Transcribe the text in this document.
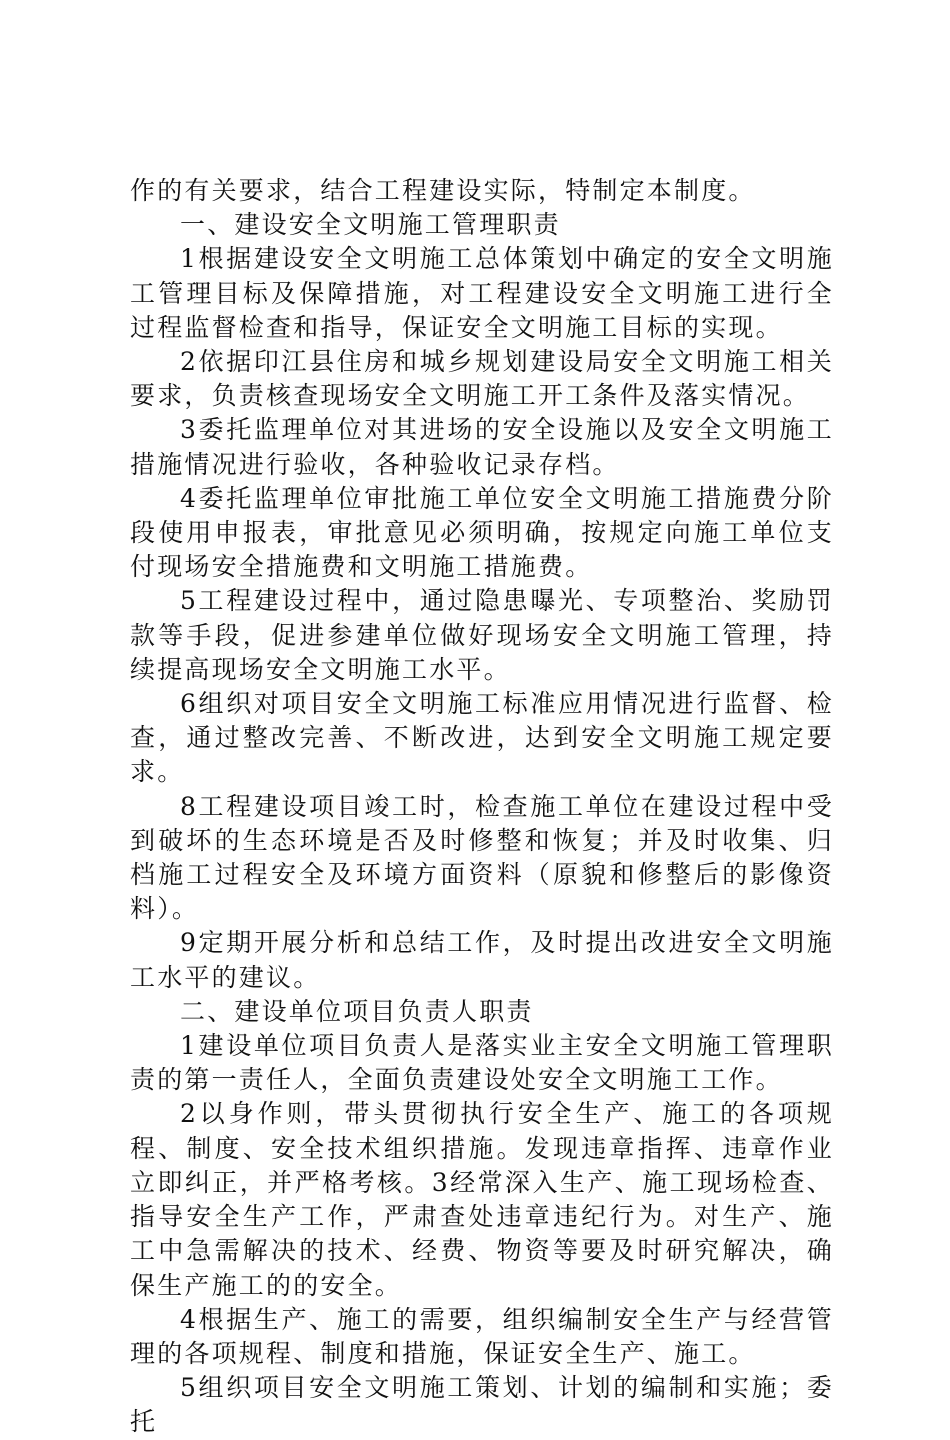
作的有关要求，结合工程建设实际，特制定本制度。

一、建设安全文明施工管理职责

1根据建设安全文明施工总体策划中确定的安全文明施工管理目标及保障措施，对工程建设安全文明施工进行全过程监督检查和指导，保证安全文明施工目标的实现。

2依据印江县住房和城乡规划建设局安全文明施工相关要求，负责核查现场安全文明施工开工条件及落实情况。

3委托监理单位对其进场的安全设施以及安全文明施工措施情况进行验收，各种验收记录存档。

4委托监理单位审批施工单位安全文明施工措施费分阶段使用申报表，审批意见必须明确，按规定向施工单位支付现场安全措施费和文明施工措施费。

5工程建设过程中，通过隐患曝光、专项整治、奖励罚款等手段，促进参建单位做好现场安全文明施工管理，持续提高现场安全文明施工水平。

6组织对项目安全文明施工标准应用情况进行监督、检查，通过整改完善、不断改进，达到安全文明施工规定要求。

8工程建设项目竣工时，检查施工单位在建设过程中受到破坏的生态环境是否及时修整和恢复；并及时收集、归档施工过程安全及环境方面资料（原貌和修整后的影像资料）。

9定期开展分析和总结工作，及时提出改进安全文明施工水平的建议。

二、建设单位项目负责人职责

1建设单位项目负责人是落实业主安全文明施工管理职责的第一责任人，全面负责建设处安全文明施工工作。

2以身作则，带头贯彻执行安全生产、施工的各项规程、制度、安全技术组织措施。发现违章指挥、违章作业立即纠正，并严格考核。3经常深入生产、施工现场检查、指导安全生产工作，严肃查处违章违纪行为。对生产、施工中急需解决的技术、经费、物资等要及时研究解决，确保生产施工的的安全。

4根据生产、施工的需要，组织编制安全生产与经营管理的各项规程、制度和措施，保证安全生产、施工。

5组织项目安全文明施工策划、计划的编制和实施；委托
